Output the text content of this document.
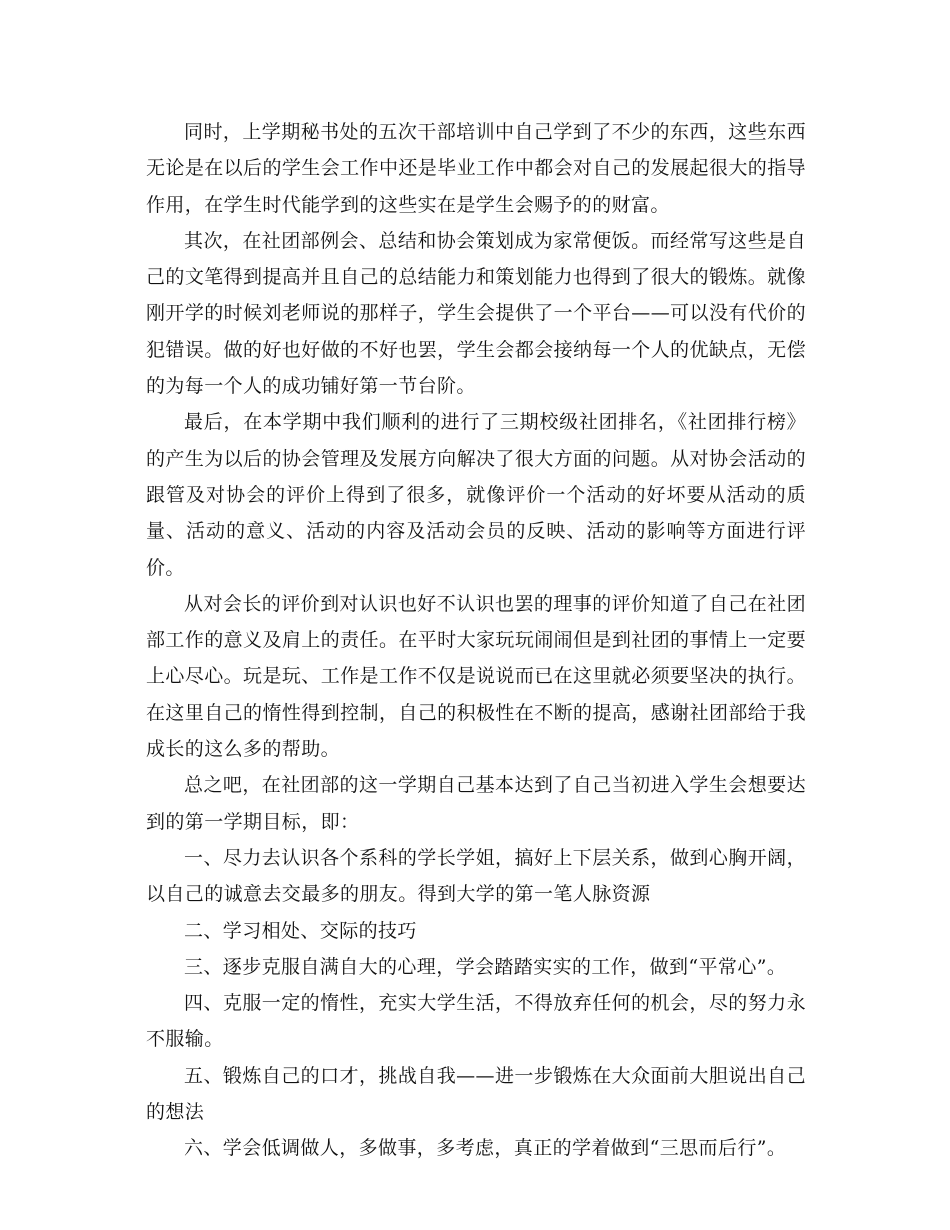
同时，上学期秘书处的五次干部培训中自己学到了不少的东西，这些东西无论是在以后的学生会工作中还是毕业工作中都会对自己的发展起很大的指导作用，在学生时代能学到的这些实在是学生会赐予的的财富。

其次，在社团部例会、总结和协会策划成为家常便饭。而经常写这些是自己的文笔得到提高并且自己的总结能力和策划能力也得到了很大的锻炼。就像刚开学的时候刘老师说的那样子，学生会提供了一个平台——可以没有代价的犯错误。做的好也好做的不好也罢，学生会都会接纳每一个人的优缺点，无偿的为每一个人的成功铺好第一节台阶。

最后，在本学期中我们顺利的进行了三期校级社团排名，《社团排行榜》的产生为以后的协会管理及发展方向解决了很大方面的问题。从对协会活动的跟管及对协会的评价上得到了很多，就像评价一个活动的好坏要从活动的质量、活动的意义、活动的内容及活动会员的反映、活动的影响等方面进行评价。

从对会长的评价到对认识也好不认识也罢的理事的评价知道了自己在社团部工作的意义及肩上的责任。在平时大家玩玩闹闹但是到社团的事情上一定要上心尽心。玩是玩、工作是工作不仅是说说而已在这里就必须要坚决的执行。在这里自己的惰性得到控制，自己的积极性在不断的提高，感谢社团部给于我成长的这么多的帮助。

总之吧，在社团部的这一学期自己基本达到了自己当初进入学生会想要达到的第一学期目标，即：

一、尽力去认识各个系科的学长学姐，搞好上下层关系，做到心胸开阔，以自己的诚意去交最多的朋友。得到大学的第一笔人脉资源

二、学习相处、交际的技巧

三、逐步克服自满自大的心理，学会踏踏实实的工作，做到“平常心”。

四、克服一定的惰性，充实大学生活，不得放弃任何的机会，尽的努力永不服输。

五、锻炼自己的口才，挑战自我——进一步锻炼在大众面前大胆说出自己的想法

六、学会低调做人，多做事，多考虑，真正的学着做到“三思而后行”。
